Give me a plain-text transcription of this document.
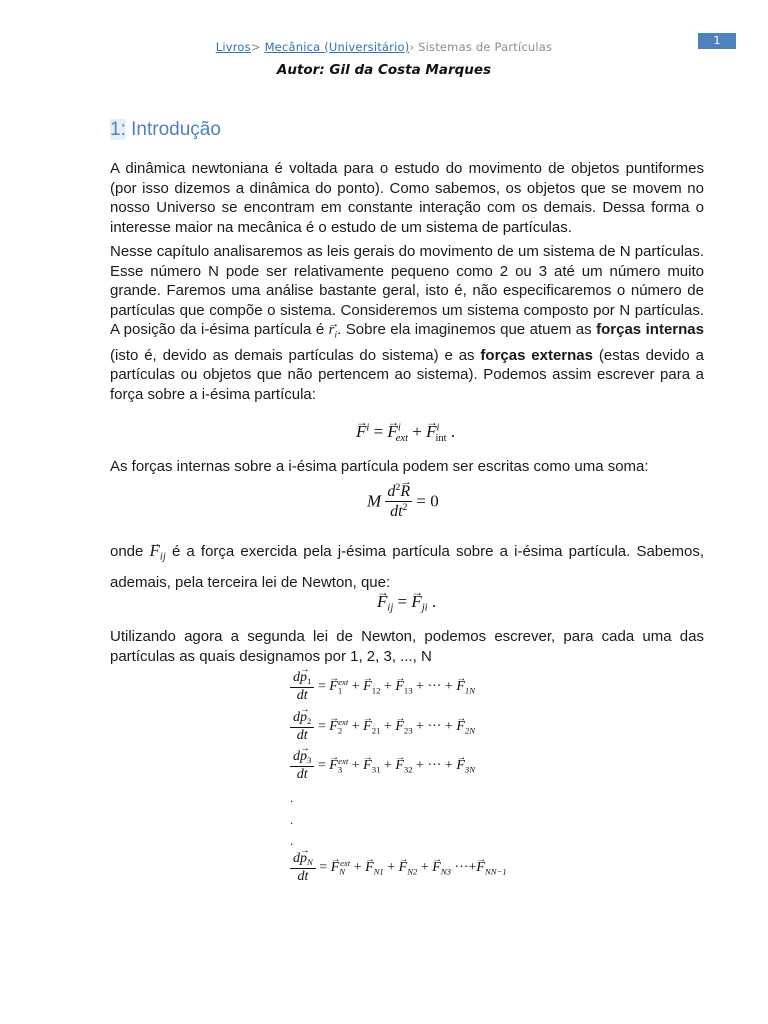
1
Livros> Mecânica (Universitário)› Sistemas de Partículas
Autor: Gil da Costa Marques
1: Introdução
A dinâmica newtoniana é voltada para o estudo do movimento de objetos puntiformes (por isso dizemos a dinâmica do ponto). Como sabemos, os objetos que se movem no nosso Universo se encontram em constante interação com os demais. Dessa forma o interesse maior na mecânica é o estudo de um sistema de partículas.
Nesse capítulo analisaremos as leis gerais do movimento de um sistema de N partículas. Esse número N pode ser relativamente pequeno como 2 ou 3 até um número muito grande. Faremos uma análise bastante geral, isto é, não especificaremos o número de partículas que compõe o sistema. Consideremos um sistema composto por N partículas. A posição da i-ésima partícula é → $r_i$. Sobre ela imaginemos que atuem as forças internas (isto é, devido as demais partículas do sistema) e as forças externas (estas devido a partículas ou objetos que não pertencem ao sistema). Podemos assim escrever para a força sobre a i-ésima partícula:
→ $F^i$ = → $F^i_{ext}$ + → $F^i_{int}$ .
As forças internas sobre a i-ésima partícula podem ser escritas como uma soma:
M $\frac{d^2\to R}{dt^2} = 0$
onde → $F_{ij}$ é a força exercida pela j-ésima partícula sobre a i-ésima partícula. Sabemos, ademais, pela terceira lei de Newton, que:
→ $F_{ij}$ = → $F_{ji}$ .
Utilizando agora a segunda lei de Newton, podemos escrever, para cada uma das partículas as quais designamos por 1, 2, 3, ..., N
$\frac{d\to p_1}{dt}$ = → $F_1^{ext}$ + → $F_{12}$ + → $F_{13}$ + ··· + → $F_{1N}$
$\frac{d\to p_2}{dt}$ = → $F_2^{ext}$ + → $F_{21}$ + → $F_{23}$ + ··· + → $F_{2N}$
$\frac{d\to p_3}{dt}$ = → $F_3^{ext}$ + → $F_{31}$ + → $F_{32}$ + ··· + → $F_{3N}$
.
.
.
$\frac{d\to p_N}{dt}$ = → $F_N^{ext}$ + → $F_{N1}$ + → $F_{N2}$ + → $F_{N3}$ ···+→ $F_{NN-1}$
